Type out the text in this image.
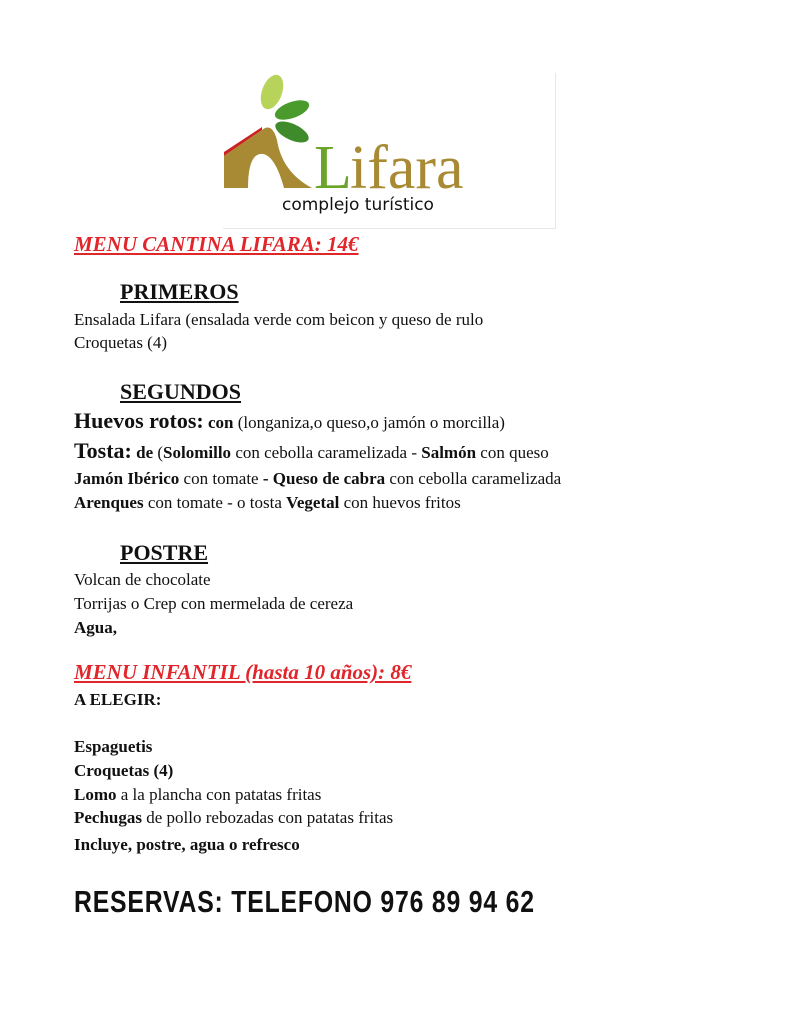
L
ifara
complejo turístico
MENU CANTINA LIFARA: 14€
PRIMEROS
Ensalada Lifara (ensalada verde com beicon y queso de rulo
Croquetas (4)
SEGUNDOS
Huevos rotos: con (longaniza,o queso,o jamón o morcilla)
Tosta: de (Solomillo con cebolla caramelizada - Salmón con queso
Jamón Ibérico con tomate - Queso de cabra con cebolla caramelizada
Arenques con tomate - o tosta Vegetal con huevos fritos
POSTRE
Volcan de chocolate
Torrijas o Crep con mermelada de cereza
Agua,
MENU INFANTIL (hasta 10 años): 8€
A ELEGIR:
Espaguetis
Croquetas (4)
Lomo a la plancha con patatas fritas
Pechugas de pollo rebozadas con patatas fritas
Incluye, postre, agua o refresco
RESERVAS: TELEFONO 976 89 94 62
